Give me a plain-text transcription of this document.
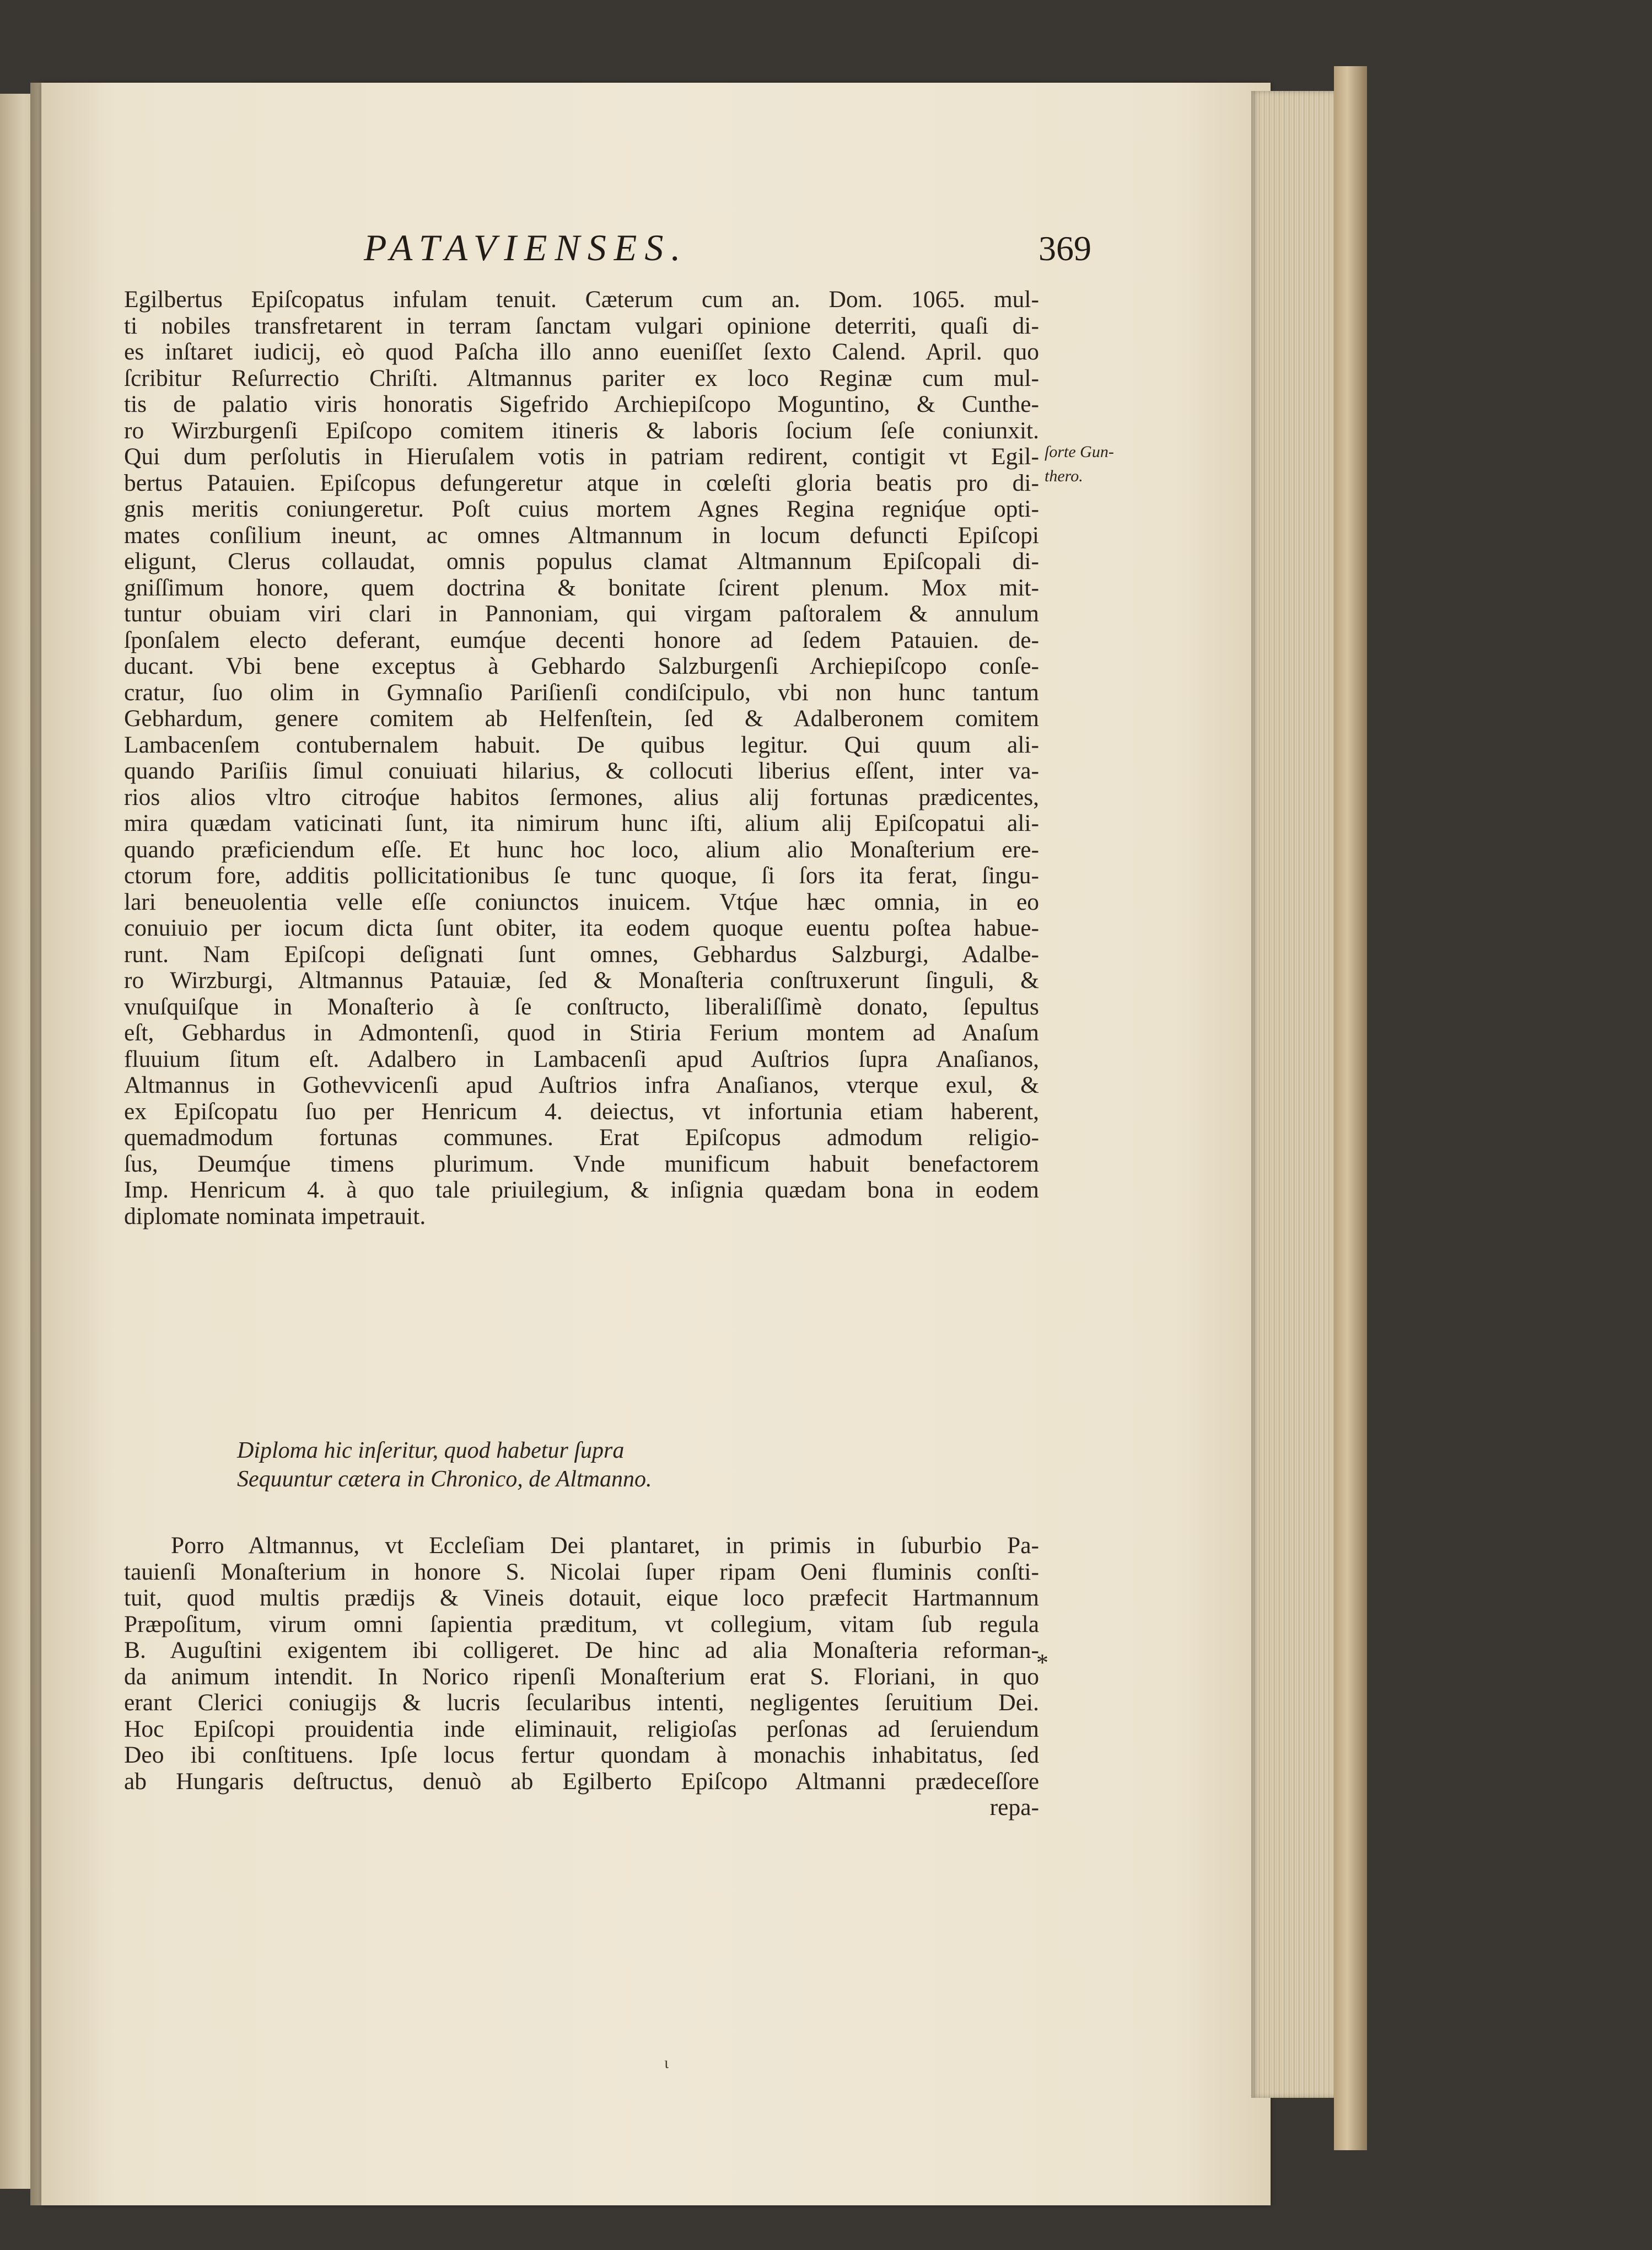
PATAVIENSES.	369
Egilbertus Epiſcopatus infulam tenuit. Cæterum cum an. Dom. 1065. mul-
ti nobiles transfretarent in terram ſanctam vulgari opinione deterriti, quaſi di-
es inſtaret iudicij, eò quod Paſcha illo anno eueniſſet ſexto Calend. April. quo
ſcribitur Reſurrectio Chriſti. Altmannus pariter ex loco Reginæ cum mul-
tis de palatio viris honoratis Sigefrido Archiepiſcopo Moguntino, & Cunthe-
ro Wirzburgenſi Epiſcopo comitem itineris & laboris ſocium ſeſe coniunxit.
Qui dum perſolutis in Hieruſalem votis in patriam redirent, contigit vt Egil-
bertus Patauien. Epiſcopus defungeretur atque in cœleſti gloria beatis pro di-
gnis meritis coniungeretur. Poſt cuius mortem Agnes Regina regniq́ue opti-
mates conſilium ineunt, ac omnes Altmannum in locum defuncti Epiſcopi
eligunt, Clerus collaudat, omnis populus clamat Altmannum Epiſcopali di-
gniſſimum honore, quem doctrina & bonitate ſcirent plenum. Mox mit-
tuntur obuiam viri clari in Pannoniam, qui virgam paſtoralem & annulum
ſponſalem electo deferant, eumq́ue decenti honore ad ſedem Patauien. de-
ducant. Vbi bene exceptus à Gebhardo Salzburgenſi Archiepiſcopo conſe-
cratur, ſuo olim in Gymnaſio Pariſienſi condiſcipulo, vbi non hunc tantum
Gebhardum, genere comitem ab Helfenſtein, ſed & Adalberonem comitem
Lambacenſem contubernalem habuit. De quibus legitur. Qui quum ali-
quando Pariſiis ſimul conuiuati hilarius, & collocuti liberius eſſent, inter va-
rios alios vltro citroq́ue habitos ſermones, alius alij fortunas prædicentes,
mira quædam vaticinati ſunt, ita nimirum hunc iſti, alium alij Epiſcopatui ali-
quando præficiendum eſſe. Et hunc hoc loco, alium alio Monaſterium ere-
ctorum fore, additis pollicitationibus ſe tunc quoque, ſi ſors ita ferat, ſingu-
lari beneuolentia velle eſſe coniunctos inuicem. Vtq́ue hæc omnia, in eo
conuiuio per iocum dicta ſunt obiter, ita eodem quoque euentu poſtea habue-
runt. Nam Epiſcopi deſignati ſunt omnes, Gebhardus Salzburgi, Adalbe-
ro Wirzburgi, Altmannus Patauiæ, ſed & Monaſteria conſtruxerunt ſinguli, &
vnuſquiſque in Monaſterio à ſe conſtructo, liberaliſſimè donato, ſepultus
eſt, Gebhardus in Admontenſi, quod in Stiria Ferium montem ad Anaſum
fluuium ſitum eſt. Adalbero in Lambacenſi apud Auſtrios ſupra Anaſianos,
Altmannus in Gothevvicenſi apud Auſtrios infra Anaſianos, vterque exul, &
ex Epiſcopatu ſuo per Henricum 4. deiectus, vt infortunia etiam haberent,
quemadmodum fortunas communes. Erat Epiſcopus admodum religio-
ſus, Deumq́ue timens plurimum. Vnde munificum habuit benefactorem
Imp. Henricum 4. à quo tale priuilegium, & inſignia quædam bona in eodem
diplomate nominata impetrauit.
ſorte Gun-
thero.
Diploma hic inſeritur, quod habetur ſupra
Sequuntur cætera in Chronico, de Altmanno.
Porro Altmannus, vt Eccleſiam Dei plantaret, in primis in ſuburbio Pa-
tauienſi Monaſterium in honore S. Nicolai ſuper ripam Oeni fluminis conſti-
tuit, quod multis prædijs & Vineis dotauit, eique loco præfecit Hartmannum
Præpoſitum, virum omni ſapientia præditum, vt collegium, vitam ſub regula
B. Auguſtini exigentem ibi colligeret. De hinc ad alia Monaſteria reforman-
da animum intendit. In Norico ripenſi Monaſterium erat S. Floriani, in quo
erant Clerici coniugijs & lucris ſecularibus intenti, negligentes ſeruitium Dei.
Hoc Epiſcopi prouidentia inde eliminauit, religioſas perſonas ad ſeruiendum
Deo ibi conſtituens. Ipſe locus fertur quondam à monachis inhabitatus, ſed
ab Hungaris deſtructus, denuò ab Egilberto Epiſcopo Altmanni prædeceſſore
repa-
*
ɩ
